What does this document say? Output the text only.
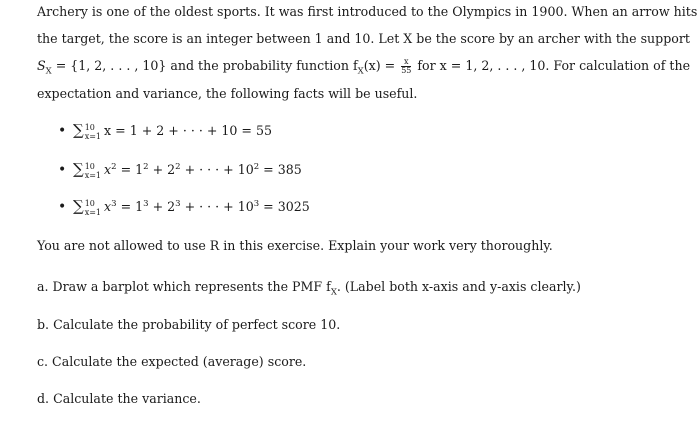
Archery is one of the oldest sports. It was first introduced to the Olympics in 1900. When an arrow hits
the target, the score is an integer between 1 and 10. Let X be the score by an archer with the support
$S_X = \{1$, 2, . . . , 10} and the probability function $f_X(x) = \frac{x}{55}$ for x = 1, 2, . . . , 10. For calculation of the
expectation and variance, the following facts will be useful.
• ∑ 10
x=1 x = 1 + 2 + · · · + 10 = 55
• ∑ 10
x=1 $x^2 = 1^2 + 2^2$ + · · · + $10^2 = 385$
• ∑ 10
x=1 $x^3 = 1^3 + 2^3$ + · · · + $10^3 = 3025$
You are not allowed to use R in this exercise. Explain your work very thoroughly.
a. Draw a barplot which represents the PMF $f_X$. (Label both x-axis and y-axis clearly.)
b. Calculate the probability of perfect score 10.
c. Calculate the expected (average) score.
d. Calculate the variance.
